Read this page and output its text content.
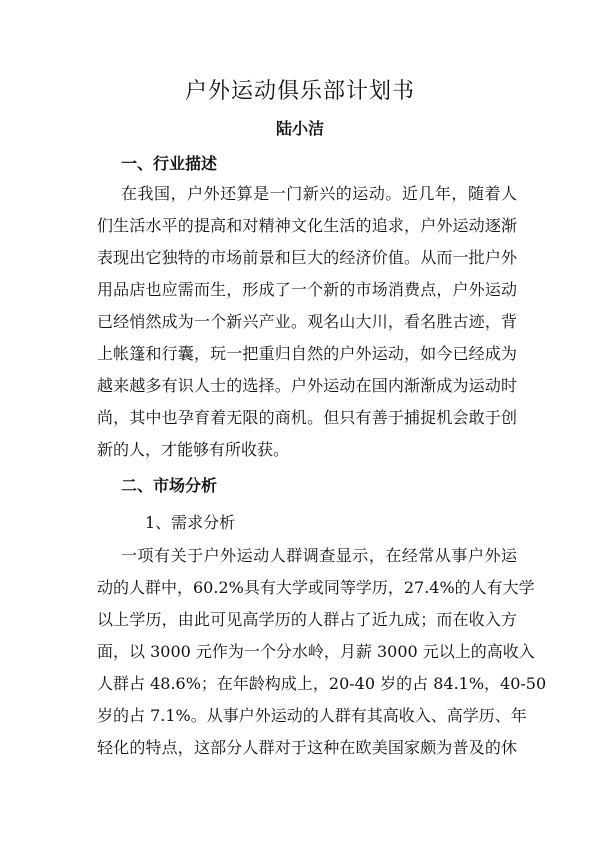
户外运动俱乐部计划书

陆小洁

一、行业描述

在我国，户外还算是一门新兴的运动。近几年，随着人

们生活水平的提高和对精神文化生活的追求，户外运动逐渐

表现出它独特的市场前景和巨大的经济价值。从而一批户外

用品店也应需而生，形成了一个新的市场消费点，户外运动

已经悄然成为一个新兴产业。观名山大川，看名胜古迹，背

上帐篷和行囊，玩一把重归自然的户外运动，如今已经成为

越来越多有识人士的选择。户外运动在国内渐渐成为运动时

尚，其中也孕育着无限的商机。但只有善于捕捉机会敢于创

新的人，才能够有所收获。

二、市场分析

1、需求分析

一项有关于户外运动人群调查显示，在经常从事户外运

动的人群中，60.2%具有大学或同等学历，27.4%的人有大学

以上学历，由此可见高学历的人群占了近九成；而在收入方

面，以 3000 元作为一个分水岭，月薪 3000 元以上的高收入

人群占 48.6%；在年龄构成上，20-40 岁的占 84.1%，40-50

岁的占 7.1%。从事户外运动的人群有其高收入、高学历、年

轻化的特点，这部分人群对于这种在欧美国家颇为普及的休
